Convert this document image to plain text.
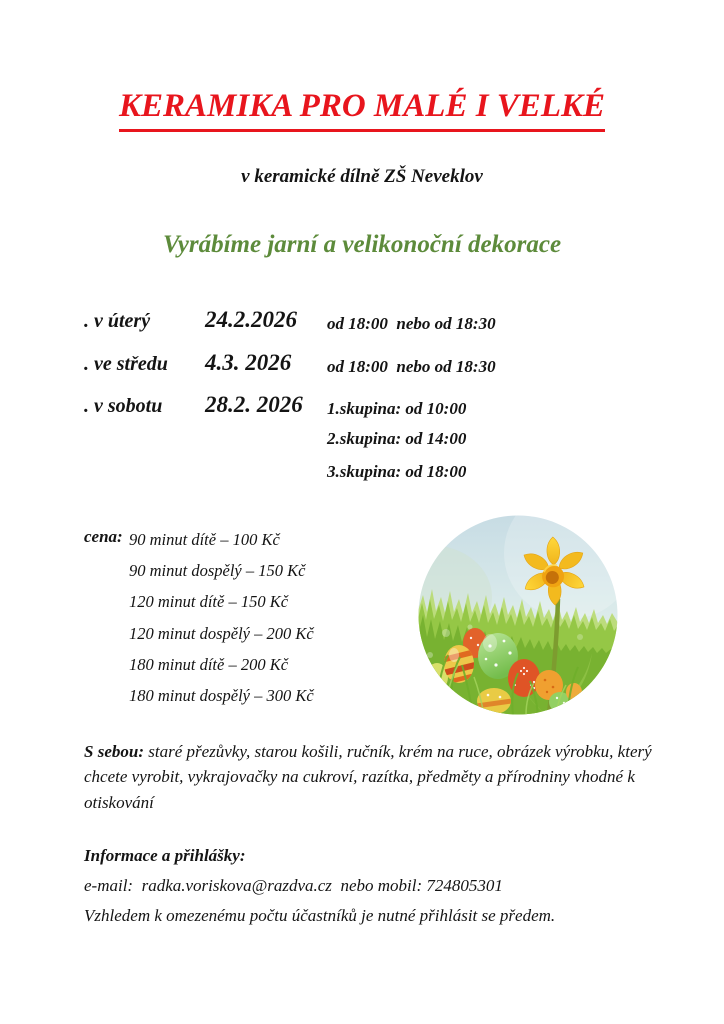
KERAMIKA PRO MALÉ I VELKÉ
v keramické dílně ZŠ Neveklov
Vyrábíme jarní a velikonoční dekorace
. v úterý 24.2.2026 od 18:00  nebo od 18:30
. ve středu 4.3. 2026 od 18:00  nebo od 18:30
. v sobotu 28.2. 2026 1.skupina: od 10:00
2.skupina: od 14:00
3.skupina: od 18:00
cena: 90 minut dítě – 100 Kč
90 minut dospělý – 150 Kč
120 minut dítě – 150 Kč
120 minut dospělý – 200 Kč
180 minut dítě – 200 Kč
180 minut dospělý – 300 Kč
S sebou: staré přezůvky, starou košili, ručník, krém na ruce, obrázek výrobku, který chcete vyrobit, vykrajovačky na cukroví, razítka, předměty a přírodniny vhodné k otiskování
Informace a přihlášky:
e-mail:  radka.voriskova@razdva.cz  nebo mobil: 724805301
Vzhledem k omezenému počtu účastníků je nutné přihlásit se předem.
